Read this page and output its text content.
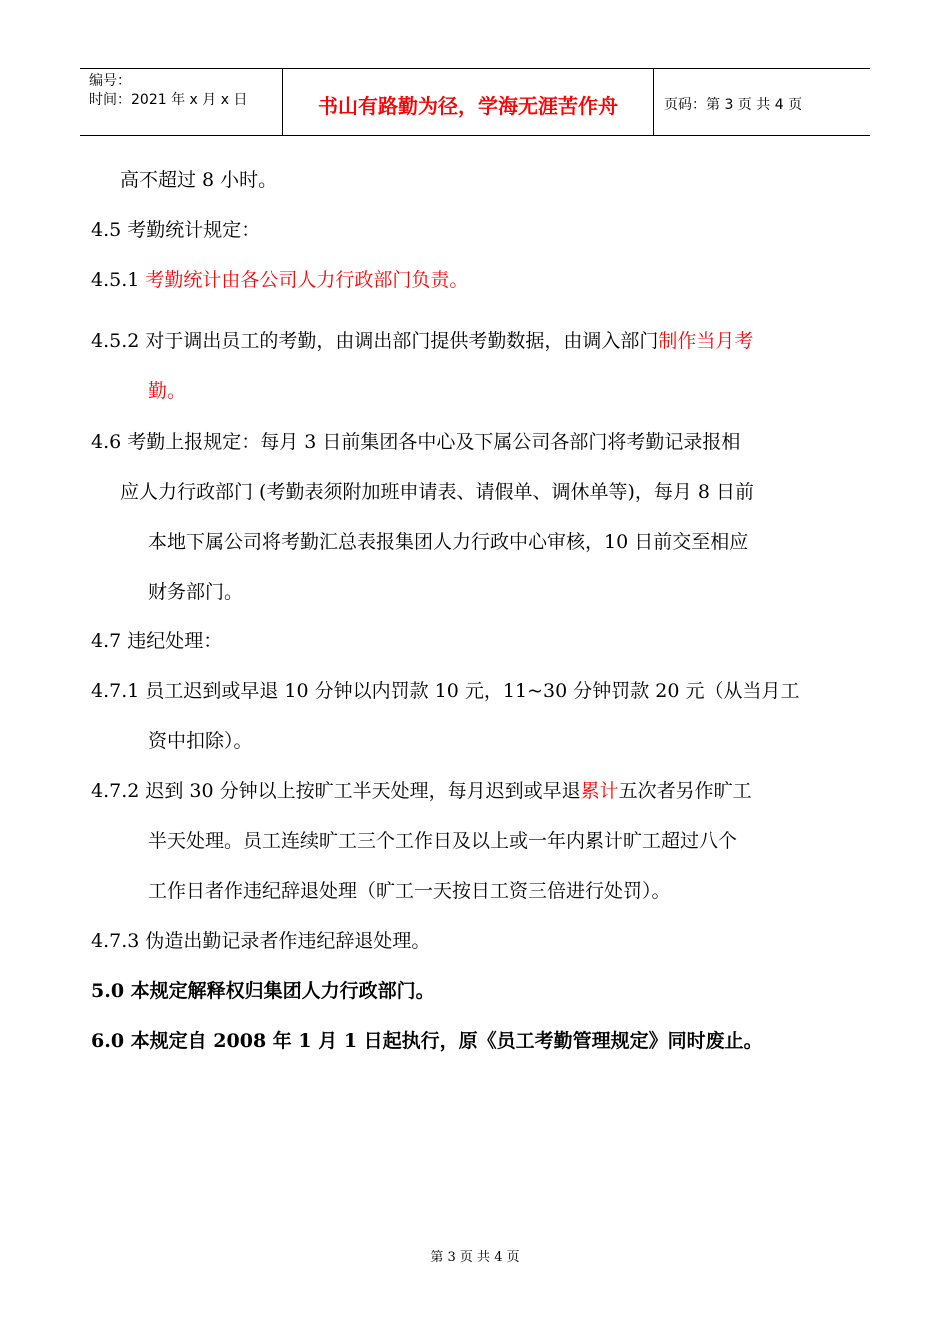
编号：
时间：2021 年 x 月 x 日	书山有路勤为径，学海无涯苦作舟	页码：第 3 页 共 4 页
高不超过 8 小时。
4.5 考勤统计规定：
4.5.1 考勤统计由各公司人力行政部门负责。
4.5.2 对于调出员工的考勤，由调出部门提供考勤数据，由调入部门制作当月考
勤。
4.6 考勤上报规定：每月 3 日前集团各中心及下属公司各部门将考勤记录报相
应人力行政部门 (考勤表须附加班申请表、请假单、调休单等)，每月 8 日前
本地下属公司将考勤汇总表报集团人力行政中心审核，10 日前交至相应
财务部门。
4.7 违纪处理：
4.7.1 员工迟到或早退 10 分钟以内罚款 10 元，11~30 分钟罚款 20 元（从当月工
资中扣除）。
4.7.2 迟到 30 分钟以上按旷工半天处理，每月迟到或早退累计五次者另作旷工
半天处理。员工连续旷工三个工作日及以上或一年内累计旷工超过八个
工作日者作违纪辞退处理（旷工一天按日工资三倍进行处罚）。
4.7.3 伪造出勤记录者作违纪辞退处理。
5.0 本规定解释权归集团人力行政部门。
6.0 本规定自 2008 年 1 月 1 日起执行，原《员工考勤管理规定》同时废止。
第 3 页 共 4 页
